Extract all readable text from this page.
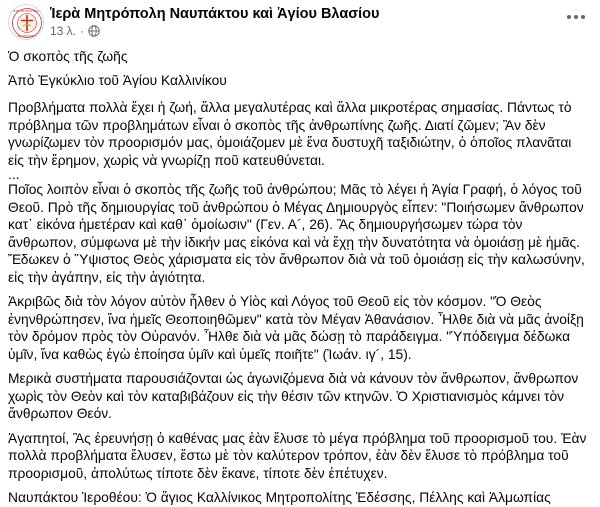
ΙΕΡΑ ΜΗΤΡΟΠΟΛΙΣ
ΝΑΥΠΑΚΤΟΥ
Ἱερὰ Μητρόπολη Ναυπάκτου καὶ Ἁγίου Βλασίου
13 λ. ·

Ὁ σκοπὸς τῆς ζωῆς

Ἀπὸ Ἐγκύκλιο τοῦ Ἁγίου Καλλινίκου

Προβλήματα πολλὰ ἔχει ἡ ζωή, ἄλλα μεγαλυτέρας καὶ ἄλλα μικροτέρας σημασίας. Πάντως τὸ
πρόβλημα τῶν προβλημάτων εἶναι ὁ σκοπὸς τῆς ἀνθρωπίνης ζωῆς. Διατί ζῶμεν; Ἂν δὲν
γνωρίζωμεν τὸν προορισμόν μας, ὁμοιάζομεν μὲ ἕνα δυστυχῆ ταξιδιώτην, ὁ ὁποῖος πλανᾶται
εἰς τὴν ἔρημον, χωρὶς νὰ γνωρίζῃ ποῦ κατευθύνεται.
...
Ποῖος λοιπὸν εἶναι ὁ σκοπὸς τῆς ζωῆς τοῦ ἀνθρώπου; Μᾶς τὸ λέγει ἡ Ἁγία Γραφή, ὁ λόγος τοῦ
Θεοῦ. Πρὸ τῆς δημιουργίας τοῦ ἀνθρώπου ὁ Μέγας Δημιουργὸς εἶπεν: "Ποιήσωμεν ἄνθρωπον
κατ᾽ εἰκόνα ἡμετέραν καὶ καθ᾽ ὁμοίωσιν" (Γεν. Α´, 26). Ἂς δημιουργήσωμεν τώρα τὸν
ἄνθρωπον, σύμφωνα μὲ τὴν ἰδικήν μας εἰκόνα καὶ νὰ ἔχῃ τὴν δυνατότητα νὰ ὁμοιάσῃ μὲ ἡμᾶς.
Ἔδωκεν ὁ Ὕψιστος Θεὸς χάρισματα εἰς τὸν ἄνθρωπον διὰ νὰ τοῦ ὁμοιάσῃ εἰς τὴν καλωσύνην,
εἰς τὴν ἀγάπην, εἰς τὴν ἁγιότητα.
Ἀκριβῶς διὰ τὸν λόγον αὐτὸν ἦλθεν ὁ Υἱὸς καὶ Λόγος τοῦ Θεοῦ εἰς τὸν κόσμον. "Ὁ Θεὸς
ἐνηνθρώπησεν, ἵνα ἡμεῖς Θεοποιηθῶμεν" κατὰ τὸν Μέγαν Ἀθανάσιον. Ἦλθε διὰ νὰ μᾶς ἀνοίξῃ
τὸν δρόμον πρὸς τὸν Οὐρανόν. Ἦλθε διὰ νὰ μᾶς δώσῃ τὸ παράδειγμα. "Ὑπόδειγμα δέδωκα
ὑμῖν, ἵνα καθὼς ἐγὼ ἐποίησα ὑμῖν καὶ ὑμεῖς ποιῆτε" (Ἰωάν. ιγ´, 15).
Μερικὰ συστήματα παρουσιάζονται ὡς ἀγωνιζόμενα διὰ νὰ κάνουν τὸν ἄνθρωπον, ἄνθρωπον
χωρὶς τὸν Θεὸν καὶ τὸν καταβιβάζουν εἰς τὴν θέσιν τῶν κτηνῶν. Ὁ Χριστιανισμὸς κάμνει τὸν
ἄνθρωπον Θεόν.
Ἀγαπητοί, Ἂς ἐρευνήσῃ ὁ καθένας μας ἐὰν ἔλυσε τὸ μέγα πρόβλημα τοῦ προορισμοῦ του. Ἐὰν
πολλὰ προβλήματα ἔλυσεν, ἔστω μὲ τὸν καλύτερον τρόπον, ἐὰν δὲν ἔλυσε τὸ πρόβλημα τοῦ
προορισμοῦ, ἀπολύτως τίποτε δὲν ἔκανε, τίποτε δὲν ἐπέτυχεν.
Ναυπάκτου Ἱεροθέου: Ὁ ἅγιος Καλλίνικος Μητροπολίτης Ἐδέσσης, Πέλλης καὶ Ἀλμωπίας
